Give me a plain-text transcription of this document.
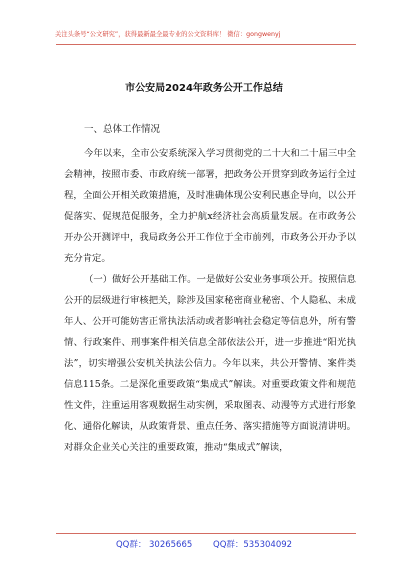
关注头条号“公文研究”，获得最新最全最专业的公文资料库！ 微信：gongwenyj
市公安局2024年政务公开工作总结
一、总体工作情况

今年以来，全市公安系统深入学习贯彻党的二十大和二十届三中全会精神，按照市委、市政府统一部署，把政务公开贯穿到政务运行全过程，全面公开相关政策措施，及时准确体现公安利民惠企导向，以公开促落实、促规范促服务，全力护航x经济社会高质量发展。在市政务公开办公开测评中，我局政务公开工作位于全市前列，市政务公开办予以充分肯定。

（一）做好公开基础工作。一是做好公安业务事项公开。按照信息公开的层级进行审核把关，除涉及国家秘密商业秘密、个人隐私、未成年人、公开可能妨害正常执法活动或者影响社会稳定等信息外，所有警情、行政案件、刑事案件相关信息全部依法公开，进一步推进“阳光执法”，切实增强公安机关执法公信力。今年以来，共公开警情、案件类信息115条。二是深化重要政策“集成式”解读。对重要政策文件和规范性文件，注重运用客观数据生动实例，采取图表、动漫等方式进行形象化、通俗化解读，从政策背景、重点任务、落实措施等方面说清讲明。对群众企业关心关注的重要政策，推动“集成式”解读，

QQ群： 30265665 QQ群：535304092
